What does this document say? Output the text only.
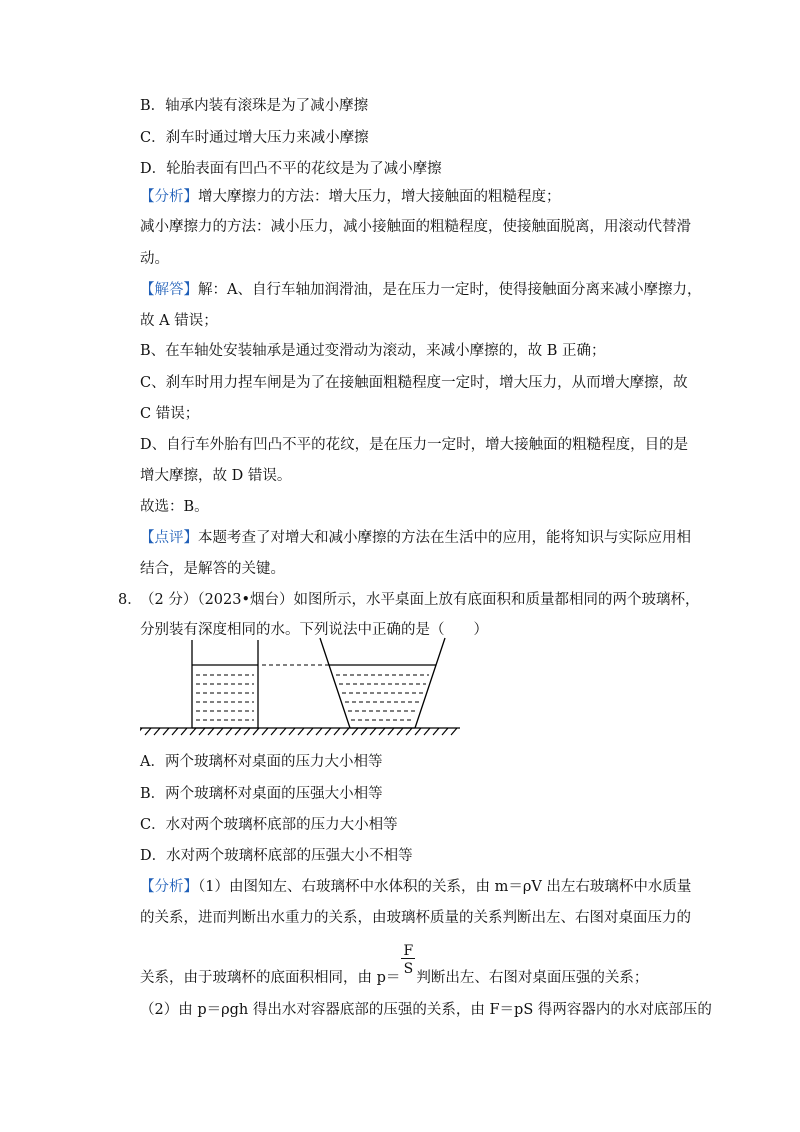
B．轴承内装有滚珠是为了减小摩擦
C．刹车时通过增大压力来减小摩擦
D．轮胎表面有凹凸不平的花纹是为了减小摩擦
【分析】增大摩擦力的方法：增大压力，增大接触面的粗糙程度；
减小摩擦力的方法：减小压力，减小接触面的粗糙程度，使接触面脱离，用滚动代替滑
动。
【解答】解：A、自行车轴加润滑油，是在压力一定时，使得接触面分离来减小摩擦力，
故 A 错误；
B、在车轴处安装轴承是通过变滑动为滚动，来减小摩擦的，故 B 正确；
C、刹车时用力捏车闸是为了在接触面粗糙程度一定时，增大压力，从而增大摩擦，故
C 错误；
D、自行车外胎有凹凸不平的花纹，是在压力一定时，增大接触面的粗糙程度，目的是
增大摩擦，故 D 错误。
故选：B。
【点评】本题考查了对增大和减小摩擦的方法在生活中的应用，能将知识与实际应用相
结合，是解答的关键。
8．
（2 分）（2023•烟台）如图所示，水平桌面上放有底面积和质量都相同的两个玻璃杯，
分别装有深度相同的水。下列说法中正确的是（　　）
A．两个玻璃杯对桌面的压力大小相等
B．两个玻璃杯对桌面的压强大小相等
C．水对两个玻璃杯底部的压力大小相等
D．水对两个玻璃杯底部的压强大小不相等
【分析】（1）由图知左、右玻璃杯中水体积的关系，由 m＝ρV 出左右玻璃杯中水质量
的关系，进而判断出水重力的关系，由玻璃杯质量的关系判断出左、右图对桌面压力的
关系，由于玻璃杯的底面积相同，由 $p= \frac{F}{S}$ 判断出左、右图对桌面压强的关系；
（2）由 p＝ρgh 得出水对容器底部的压强的关系，由 F＝pS 得两容器内的水对底部压的
